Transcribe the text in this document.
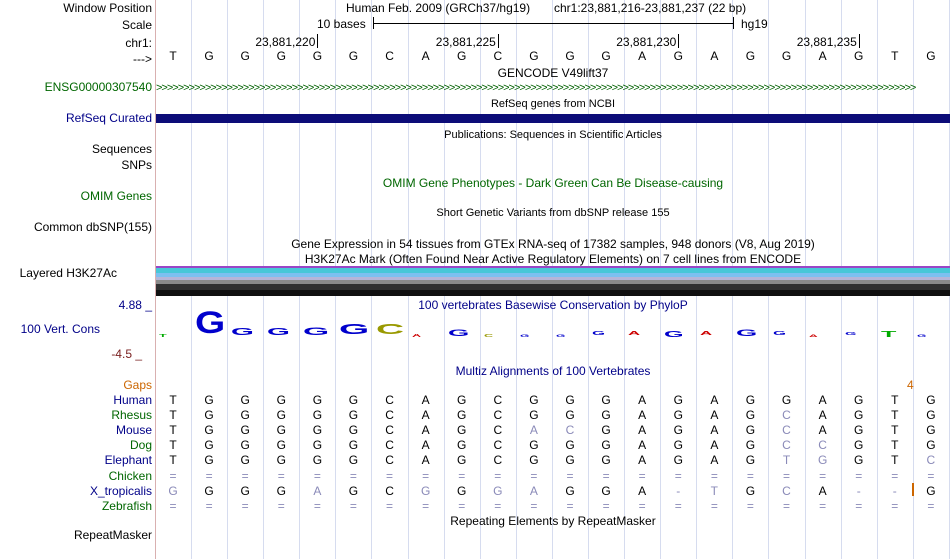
Window Position
Scale
chr1:
--->
ENSG00000307540
RefSeq Curated
Sequences
SNPs
OMIM Genes
Common dbSNP(155)
Layered H3K27Ac
4.88 _
100 Vert. Cons
-4.5 _
Gaps
Human
Rhesus
Mouse
Dog
Elephant
Chicken
X_tropicalis
Zebrafish
RepeatMasker
Human Feb. 2009 (GRCh37/hg19) chr1:23,881,216-23,881,237 (22 bp)
10 bases	hg19
23,881,220	23,881,225	23,881,230	23,881,235
T	G	G	G	G	G	C	A	G	C	G	G	G	A	G	A	G	G	A	G	T	G
GENCODE V49lift37
>>>>>>>>>>>>>>>>>>>>>>>>>>>>>>>>>>>>>>>>>>>>>>>>>>>>>>>>>>>>>>>>>>>>>>>>>>>>>>>>>>>>>>>>>>>>>>>>>>>>>>>>>>>>>>>>>>>>>>>>>>>>>>>>>>>>>>>>>>>>
RefSeq genes from NCBI
Publications: Sequences in Scientific Articles
OMIM Gene Phenotypes - Dark Green Can Be Disease-causing
Short Genetic Variants from dbSNP release 155
Gene Expression in 54 tissues from GTEx RNA-seq of 17382 samples, 948 donors (V8, Aug 2019)
H3K27Ac Mark (Often Found Near Active Regulatory Elements) on 7 cell lines from ENCODE
100 vertebrates Basewise Conservation by PhyloP
T G G G G G C A	G	C	G	G	G	A	G	A	G	G	A	G	T	G
Multiz Alignments of 100 Vertebrates
4
T	G	G	G	G	G	C	A	G	C	G	G	G	A	G	A	G	G	A	G	T	G
T	G	G	G	G	G	C	A	G	C	G	G	G	A	G	A	G	C	A	G	T	G
T	G	G	G	G	G	C	A	G	C	A	C	G	A	G	A	G	C	A	G	T	G
T	G	G	G	G	G	C	A	G	C	G	G	G	A	G	A	G	C	C	G	T	G
T	G	G	G	G	G	C	A	G	C	G	G	G	A	G	A	G	T	G	G	T	C
=	=	=	=	=	=	=	=	=	=	=	=	=	=	=	=	=	=	=	=	=	=
G	G	G	G	A	G	C	G	G	G	A	G	G	A	-	T	G	C	A	-	-	G
=	=	=	=	=	=	=	=	=	=	=	=	=	=	=	=	=	=	=	=	=	=
Repeating Elements by RepeatMasker
